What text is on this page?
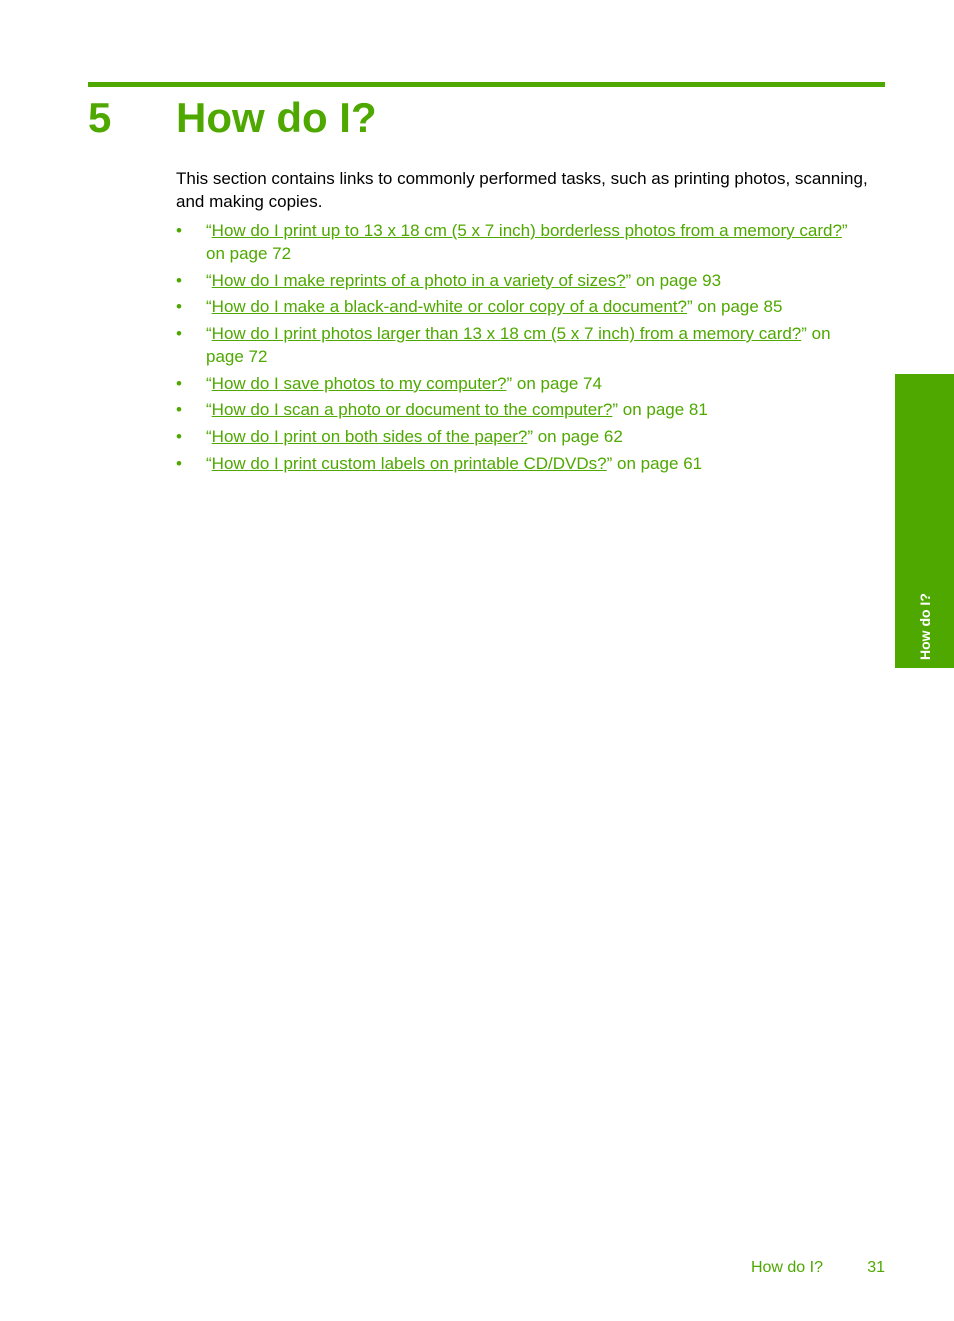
5	How do I?

This section contains links to commonly performed tasks, such as printing photos, scanning, and making copies.

• “How do I print up to 13 x 18 cm (5 x 7 inch) borderless photos from a memory card?” on page 72
• “How do I make reprints of a photo in a variety of sizes?” on page 93
• “How do I make a black-and-white or color copy of a document?” on page 85
• “How do I print photos larger than 13 x 18 cm (5 x 7 inch) from a memory card?” on page 72
• “How do I save photos to my computer?” on page 74
• “How do I scan a photo or document to the computer?” on page 81
• “How do I print on both sides of the paper?” on page 62
• “How do I print custom labels on printable CD/DVDs?” on page 61
How do I?
How do I?	31
